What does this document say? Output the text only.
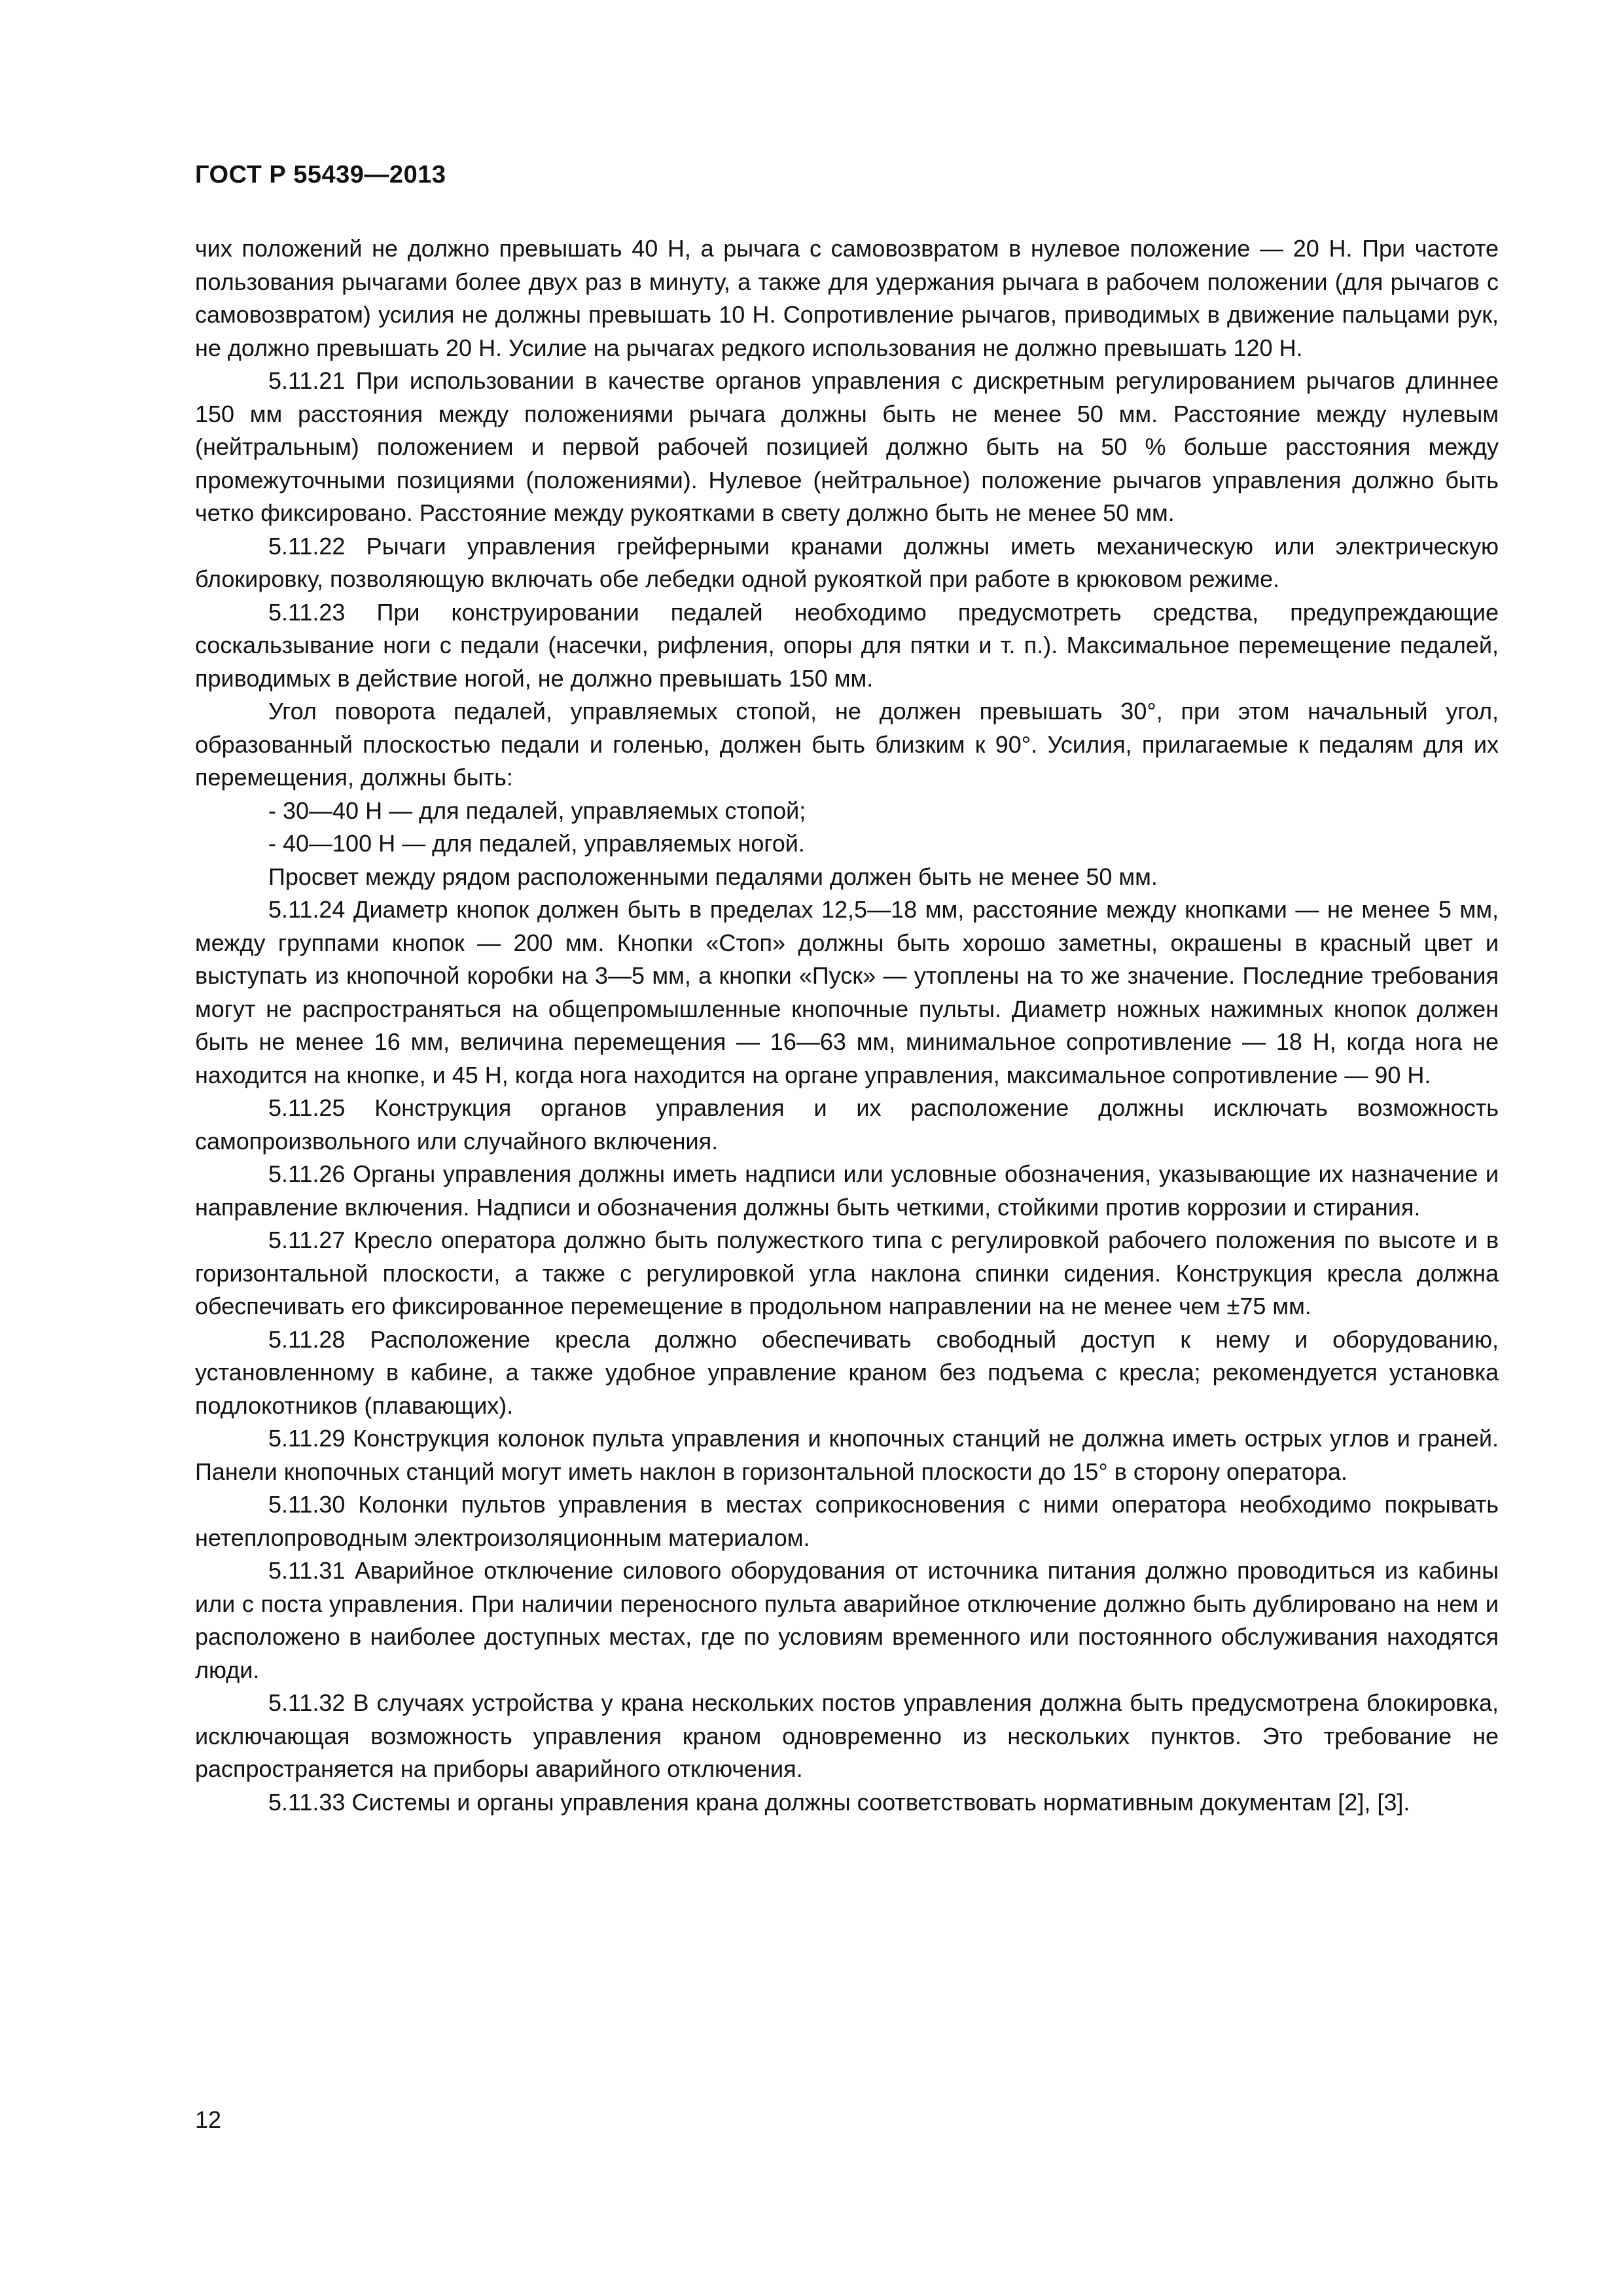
ГОСТ Р 55439—2013

чих положений не должно превышать 40 Н, а рычага с самовозвратом в нулевое положение — 20 Н. При частоте пользования рычагами более двух раз в минуту, а также для удержания рычага в рабочем положении (для рычагов с самовозвратом) усилия не должны превышать 10 Н. Сопротивление рычагов, приводимых в движение пальцами рук, не должно превышать 20 Н. Усилие на рычагах редкого использования не должно превышать 120 Н.

5.11.21 При использовании в качестве органов управления с дискретным регулированием рычагов длиннее 150 мм расстояния между положениями рычага должны быть не менее 50 мм. Расстояние между нулевым (нейтральным) положением и первой рабочей позицией должно быть на 50 % больше расстояния между промежуточными позициями (положениями). Нулевое (нейтральное) положение рычагов управления должно быть четко фиксировано. Расстояние между рукоятками в свету должно быть не менее 50 мм.

5.11.22 Рычаги управления грейферными кранами должны иметь механическую или электрическую блокировку, позволяющую включать обе лебедки одной рукояткой при работе в крюковом режиме.

5.11.23 При конструировании педалей необходимо предусмотреть средства, предупреждающие соскальзывание ноги с педали (насечки, рифления, опоры для пятки и т. п.). Максимальное перемещение педалей, приводимых в действие ногой, не должно превышать 150 мм.

Угол поворота педалей, управляемых стопой, не должен превышать 30°, при этом начальный угол, образованный плоскостью педали и голенью, должен быть близким к 90°. Усилия, прилагаемые к педалям для их перемещения, должны быть:

- 30—40 Н — для педалей, управляемых стопой;

- 40—100 Н — для педалей, управляемых ногой.

Просвет между рядом расположенными педалями должен быть не менее 50 мм.

5.11.24 Диаметр кнопок должен быть в пределах 12,5—18 мм, расстояние между кнопками — не менее 5 мм, между группами кнопок — 200 мм. Кнопки «Стоп» должны быть хорошо заметны, окрашены в красный цвет и выступать из кнопочной коробки на 3—5 мм, а кнопки «Пуск» — утоплены на то же значение. Последние требования могут не распространяться на общепромышленные кнопочные пульты. Диаметр ножных нажимных кнопок должен быть не менее 16 мм, величина перемещения — 16—63 мм, минимальное сопротивление — 18 Н, когда нога не находится на кнопке, и 45 Н, когда нога находится на органе управления, максимальное сопротивление — 90 Н.

5.11.25 Конструкция органов управления и их расположение должны исключать возможность самопроизвольного или случайного включения.

5.11.26 Органы управления должны иметь надписи или условные обозначения, указывающие их назначение и направление включения. Надписи и обозначения должны быть четкими, стойкими против коррозии и стирания.

5.11.27 Кресло оператора должно быть полужесткого типа с регулировкой рабочего положения по высоте и в горизонтальной плоскости, а также с регулировкой угла наклона спинки сидения. Конструкция кресла должна обеспечивать его фиксированное перемещение в продольном направлении на не менее чем ±75 мм.

5.11.28 Расположение кресла должно обеспечивать свободный доступ к нему и оборудованию, установленному в кабине, а также удобное управление краном без подъема с кресла; рекомендуется установка подлокотников (плавающих).

5.11.29 Конструкция колонок пульта управления и кнопочных станций не должна иметь острых углов и граней. Панели кнопочных станций могут иметь наклон в горизонтальной плоскости до 15° в сторону оператора.

5.11.30 Колонки пультов управления в местах соприкосновения с ними оператора необходимо покрывать нетеплопроводным электроизоляционным материалом.

5.11.31 Аварийное отключение силового оборудования от источника питания должно проводиться из кабины или с поста управления. При наличии переносного пульта аварийное отключение должно быть дублировано на нем и расположено в наиболее доступных местах, где по условиям временного или постоянного обслуживания находятся люди.

5.11.32 В случаях устройства у крана нескольких постов управления должна быть предусмотрена блокировка, исключающая возможность управления краном одновременно из нескольких пунктов. Это требование не распространяется на приборы аварийного отключения.

5.11.33 Системы и органы управления крана должны соответствовать нормативным документам [2], [3].

12
